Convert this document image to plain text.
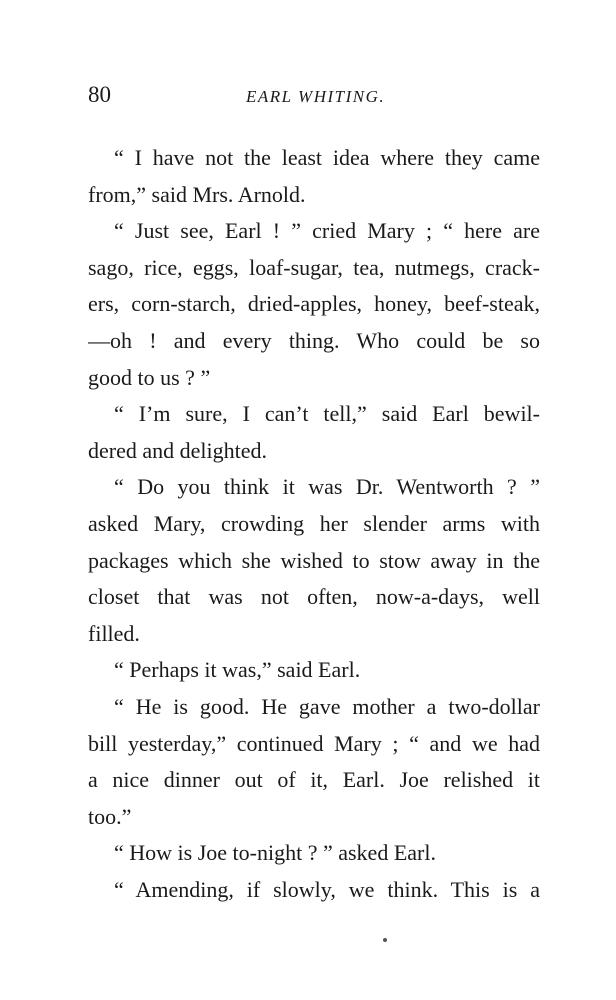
80	EARL WHITING.
“ I have not the least idea where they came
from,” said Mrs. Arnold.
“ Just see, Earl ! ” cried Mary ; “ here are
sago, rice, eggs, loaf-sugar, tea, nutmegs, crack-
ers, corn-starch, dried-apples, honey, beef-steak,
—oh ! and every thing. Who could be so
good to us ? ”
“ I’m sure, I can’t tell,” said Earl bewil-
dered and delighted.
“ Do you think it was Dr. Wentworth ? ”
asked Mary, crowding her slender arms with
packages which she wished to stow away in the
closet that was not often, now-a-days, well
filled.
“ Perhaps it was,” said Earl.
“ He is good. He gave mother a two-dollar
bill yesterday,” continued Mary ; “ and we had
a nice dinner out of it, Earl. Joe relished it
too.”
“ How is Joe to-night ? ” asked Earl.
“ Amending, if slowly, we think. This is a
